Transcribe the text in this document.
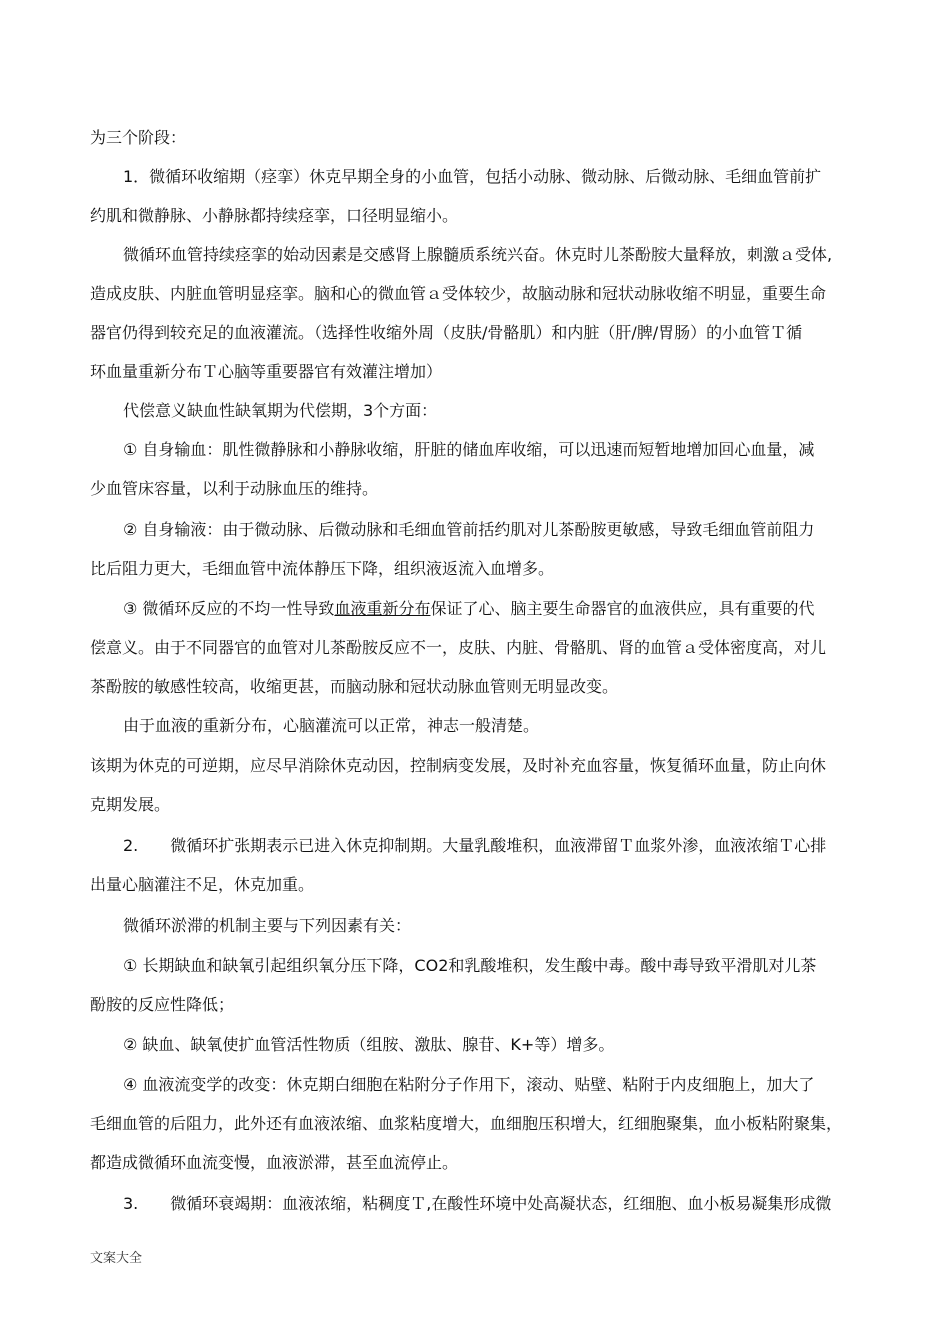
为三个阶段：
1．微循环收缩期（痉挛）休克早期全身的小血管，包括小动脉、微动脉、后微动脉、毛细血管前扩
约肌和微静脉、小静脉都持续痉挛，口径明显缩小。
微循环血管持续痉挛的始动因素是交感肾上腺髓质系统兴奋。休克时儿茶酚胺大量释放，刺激ａ受体,
造成皮肤、内脏血管明显痉挛。脑和心的微血管ａ受体较少，故脑动脉和冠状动脉收缩不明显，重要生命
器官仍得到较充足的血液灌流。（选择性收缩外周（皮肤/骨骼肌）和内脏（肝/脾/胃肠）的小血管Ｔ循
环血量重新分布Ｔ心脑等重要器官有效灌注增加）
代偿意义缺血性缺氧期为代偿期，3个方面：
① 自身输血：肌性微静脉和小静脉收缩，肝脏的储血库收缩，可以迅速而短暂地增加回心血量，减
少血管床容量，以利于动脉血压的维持。
② 自身输液：由于微动脉、后微动脉和毛细血管前括约肌对儿茶酚胺更敏感，导致毛细血管前阻力
比后阻力更大，毛细血管中流体静压下降，组织液返流入血增多。
③ 微循环反应的不均一性导致血液重新分布保证了心、脑主要生命器官的血液供应，具有重要的代
偿意义。由于不同器官的血管对儿茶酚胺反应不一，皮肤、内脏、骨骼肌、肾的血管ａ受体密度高，对儿
茶酚胺的敏感性较高，收缩更甚，而脑动脉和冠状动脉血管则无明显改变。
由于血液的重新分布，心脑灌流可以正常，神志一般清楚。
该期为休克的可逆期，应尽早消除休克动因，控制病变发展，及时补充血容量，恢复循环血量，防止向休
克期发展。
2.　　微循环扩张期表示已进入休克抑制期。大量乳酸堆积，血液滞留Ｔ血浆外渗，血液浓缩Ｔ心排
出量心脑灌注不足，休克加重。
微循环淤滞的机制主要与下列因素有关：
① 长期缺血和缺氧引起组织氧分压下降，CO2和乳酸堆积，发生酸中毒。酸中毒导致平滑肌对儿茶
酚胺的反应性降低；
② 缺血、缺氧使扩血管活性物质（组胺、激肽、腺苷、K+等）增多。
④ 血液流变学的改变：休克期白细胞在粘附分子作用下，滚动、贴壁、粘附于内皮细胞上，加大了
毛细血管的后阻力，此外还有血液浓缩、血浆粘度增大，血细胞压积增大，红细胞聚集，血小板粘附聚集，
都造成微循环血流变慢，血液淤滞，甚至血流停止。
3.　　微循环衰竭期：血液浓缩，粘稠度Ｔ,在酸性环境中处高凝状态，红细胞、血小板易凝集形成微
文案大全
